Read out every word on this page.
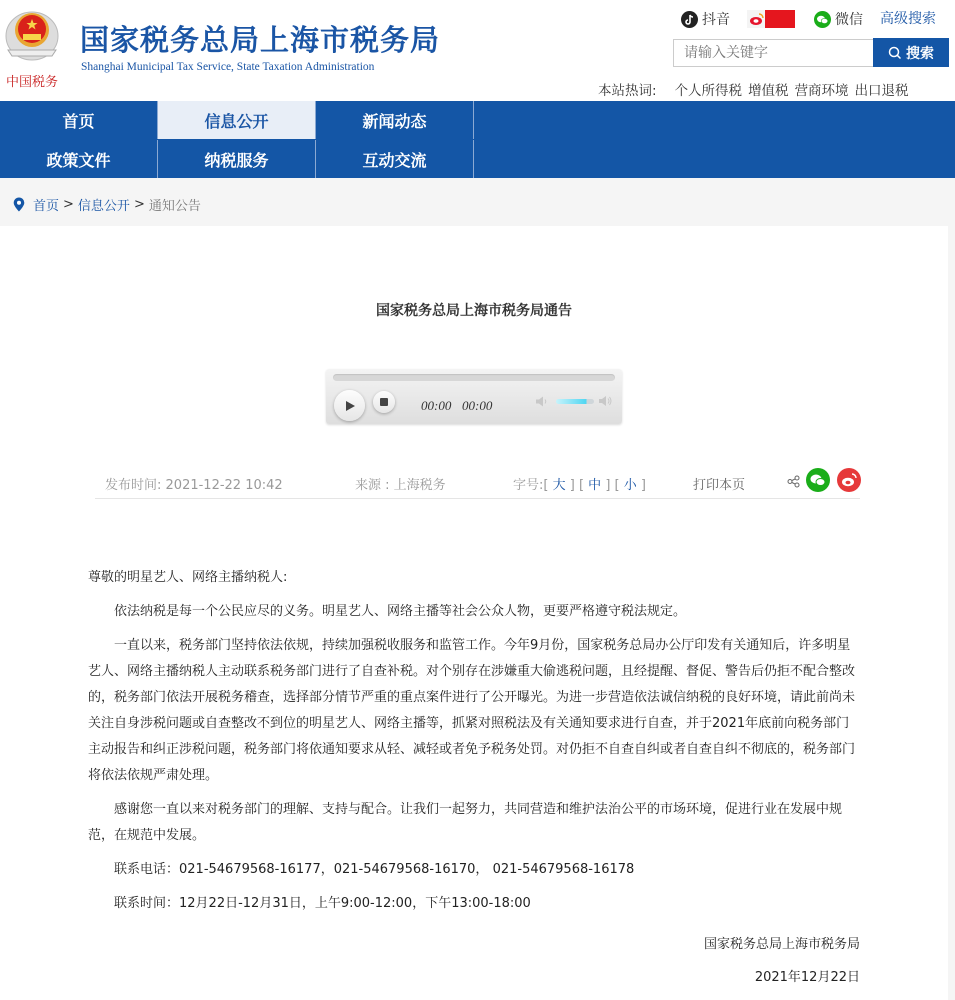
中国税务
国家税务总局上海市税务局
Shanghai Municipal Tax Service, State Taxation Administration
抖音	微信 高级搜索
请输入关键字
搜索
本站热词: 个人所得税 增值税 营商环境 出口退税
首页	信息公开	新闻动态
政策文件	纳税服务	互动交流
首页 > 信息公开 > 通知公告
国家税务总局上海市税务局通告
00:00 00:00
发布时间: 2021-12-22 10:42	来源 : 上海税务	字号:[ 大 ] [ 中 ] [ 小 ]	打印本页

尊敬的明星艺人、网络主播纳税人:

依法纳税是每一个公民应尽的义务。明星艺人、网络主播等社会公众人物，更要严格遵守税法规定。

一直以来，税务部门坚持依法依规，持续加强税收服务和监管工作。今年9月份，国家税务总局办公厅印发有关通知后，许多明星艺人、网络主播纳税人主动联系税务部门进行了自查补税。对个别存在涉嫌重大偷逃税问题，且经提醒、督促、警告后仍拒不配合整改的，税务部门依法开展税务稽查，选择部分情节严重的重点案件进行了公开曝光。为进一步营造依法诚信纳税的良好环境，请此前尚未关注自身涉税问题或自查整改不到位的明星艺人、网络主播等，抓紧对照税法及有关通知要求进行自查，并于2021年底前向税务部门主动报告和纠正涉税问题，税务部门将依通知要求从轻、减轻或者免予税务处罚。对仍拒不自查自纠或者自查自纠不彻底的，税务部门将依法依规严肃处理。

感谢您一直以来对税务部门的理解、支持与配合。让我们一起努力，共同营造和维护法治公平的市场环境，促进行业在发展中规范，在规范中发展。

联系电话：021-54679568-16177，021-54679568-16170， 021-54679568-16178

联系时间：12月22日-12月31日，上午9:00-12:00，下午13:00-18:00

国家税务总局上海市税务局
2021年12月22日
